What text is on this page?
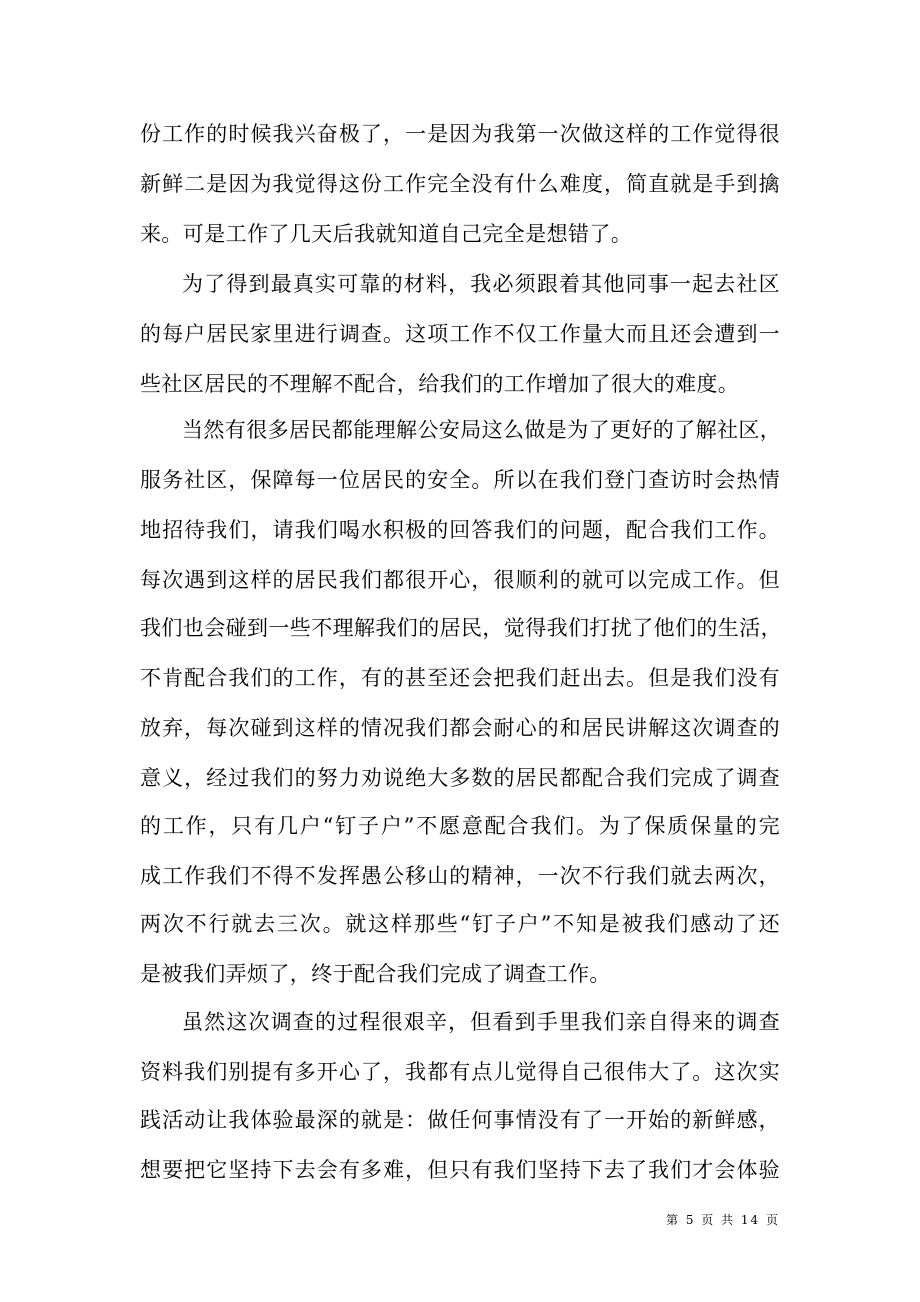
份工作的时候我兴奋极了，一是因为我第一次做这样的工作觉得很
新鲜二是因为我觉得这份工作完全没有什么难度，简直就是手到擒
来。可是工作了几天后我就知道自己完全是想错了。
为了得到最真实可靠的材料，我必须跟着其他同事一起去社区
的每户居民家里进行调查。这项工作不仅工作量大而且还会遭到一
些社区居民的不理解不配合，给我们的工作增加了很大的难度。
当然有很多居民都能理解公安局这么做是为了更好的了解社区，
服务社区，保障每一位居民的安全。所以在我们登门查访时会热情
地招待我们，请我们喝水积极的回答我们的问题，配合我们工作。
每次遇到这样的居民我们都很开心，很顺利的就可以完成工作。但
我们也会碰到一些不理解我们的居民，觉得我们打扰了他们的生活，
不肯配合我们的工作，有的甚至还会把我们赶出去。但是我们没有
放弃，每次碰到这样的情况我们都会耐心的和居民讲解这次调查的
意义，经过我们的努力劝说绝大多数的居民都配合我们完成了调查
的工作，只有几户“钉子户”不愿意配合我们。为了保质保量的完
成工作我们不得不发挥愚公移山的精神，一次不行我们就去两次，
两次不行就去三次。就这样那些“钉子户”不知是被我们感动了还
是被我们弄烦了，终于配合我们完成了调查工作。
虽然这次调查的过程很艰辛，但看到手里我们亲自得来的调查
资料我们别提有多开心了，我都有点儿觉得自己很伟大了。这次实
践活动让我体验最深的就是：做任何事情没有了一开始的新鲜感，
想要把它坚持下去会有多难，但只有我们坚持下去了我们才会体验
第 5 页 共 14 页
